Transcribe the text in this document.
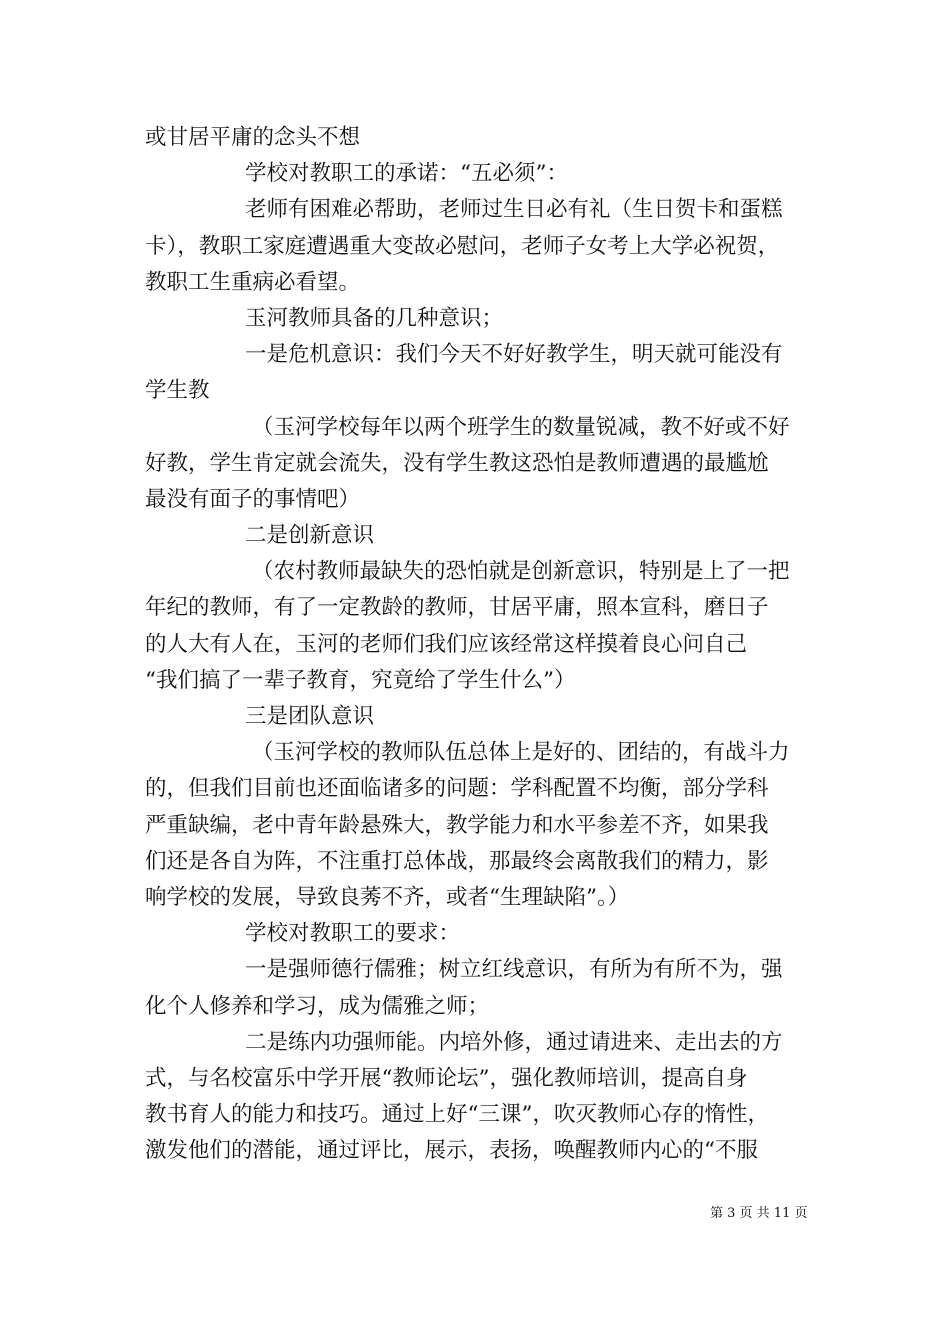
或甘居平庸的念头不想
学校对教职工的承诺：“五必须”：
老师有困难必帮助，老师过生日必有礼（生日贺卡和蛋糕
卡），教职工家庭遭遇重大变故必慰问，老师子女考上大学必祝贺，
教职工生重病必看望。
玉河教师具备的几种意识；
一是危机意识：我们今天不好好教学生，明天就可能没有
学生教
（玉河学校每年以两个班学生的数量锐减，教不好或不好
好教，学生肯定就会流失，没有学生教这恐怕是教师遭遇的最尴尬
最没有面子的事情吧）
二是创新意识
（农村教师最缺失的恐怕就是创新意识，特别是上了一把
年纪的教师，有了一定教龄的教师，甘居平庸，照本宣科，磨日子
的人大有人在，玉河的老师们我们应该经常这样摸着良心问自己
“我们搞了一辈子教育，究竟给了学生什么”）
三是团队意识
（玉河学校的教师队伍总体上是好的、团结的，有战斗力
的，但我们目前也还面临诸多的问题：学科配置不均衡，部分学科
严重缺编，老中青年龄悬殊大，教学能力和水平参差不齐，如果我
们还是各自为阵，不注重打总体战，那最终会离散我们的精力，影
响学校的发展，导致良莠不齐，或者“生理缺陷”。）
学校对教职工的要求：
一是强师德行儒雅；树立红线意识，有所为有所不为，强
化个人修养和学习，成为儒雅之师；
二是练内功强师能。内培外修，通过请进来、走出去的方
式，与名校富乐中学开展“教师论坛”，强化教师培训，提高自身
教书育人的能力和技巧。通过上好“三课”，吹灭教师心存的惰性，
激发他们的潜能，通过评比，展示，表扬，唤醒教师内心的“不服
第 3 页 共 11 页
